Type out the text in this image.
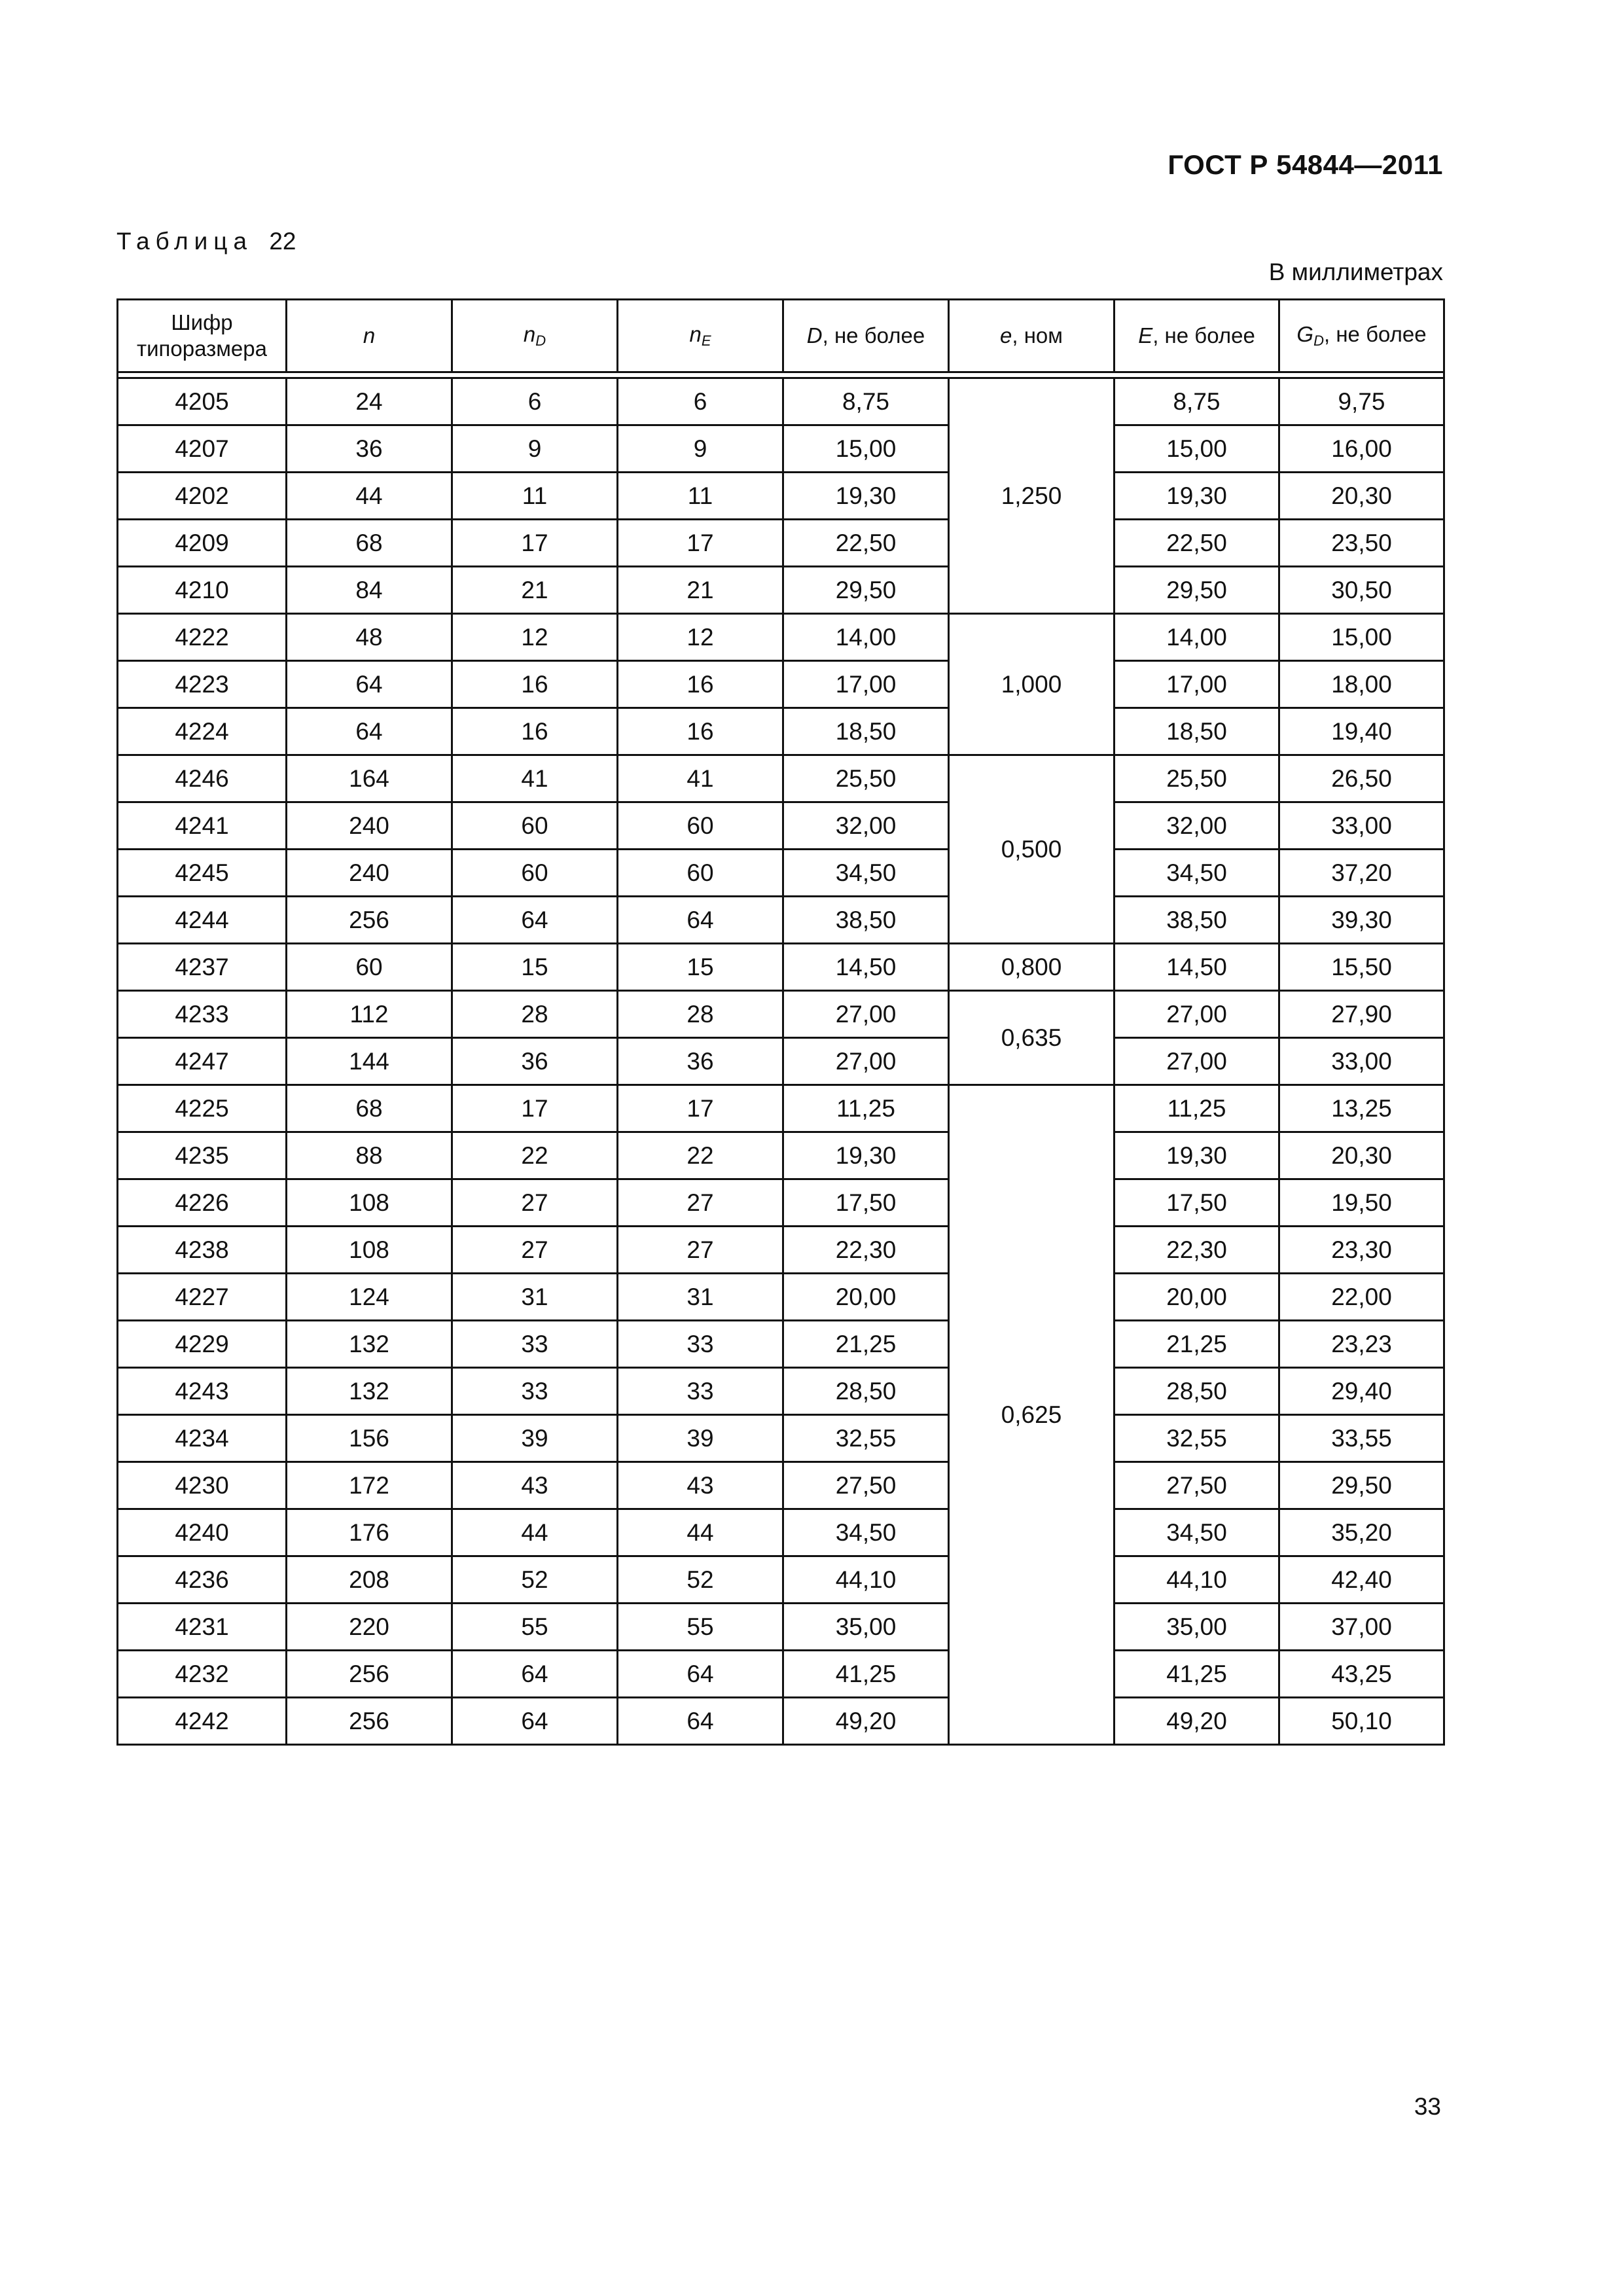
ГОСТ Р 54844—2011
Таблица 22
В миллиметрах
Шифр
типоразмера	n	$n_D$	$n_E$	D, не более	e, ном	E, не более	$G_D$, не более

4205	24	6	6	8,75	1,250	8,75	9,75
4207	36	9	9	15,00		15,00	16,00
4202	44	11	11	19,30		19,30	20,30
4209	68	17	17	22,50		22,50	23,50
4210	84	21	21	29,50		29,50	30,50
4222	48	12	12	14,00	1,000	14,00	15,00
4223	64	16	16	17,00		17,00	18,00
4224	64	16	16	18,50		18,50	19,40
4246	164	41	41	25,50	0,500	25,50	26,50
4241	240	60	60	32,00		32,00	33,00
4245	240	60	60	34,50		34,50	37,20
4244	256	64	64	38,50		38,50	39,30
4237	60	15	15	14,50	0,800	14,50	15,50
4233	112	28	28	27,00	0,635	27,00	27,90
4247	144	36	36	27,00		27,00	33,00
4225	68	17	17	11,25	0,625	11,25	13,25
4235	88	22	22	19,30		19,30	20,30
4226	108	27	27	17,50		17,50	19,50
4238	108	27	27	22,30		22,30	23,30
4227	124	31	31	20,00		20,00	22,00
4229	132	33	33	21,25		21,25	23,23
4243	132	33	33	28,50		28,50	29,40
4234	156	39	39	32,55		32,55	33,55
4230	172	43	43	27,50		27,50	29,50
4240	176	44	44	34,50		34,50	35,20
4236	208	52	52	44,10		44,10	42,40
4231	220	55	55	35,00		35,00	37,00
4232	256	64	64	41,25		41,25	43,25
4242	256	64	64	49,20		49,20	50,10
33
